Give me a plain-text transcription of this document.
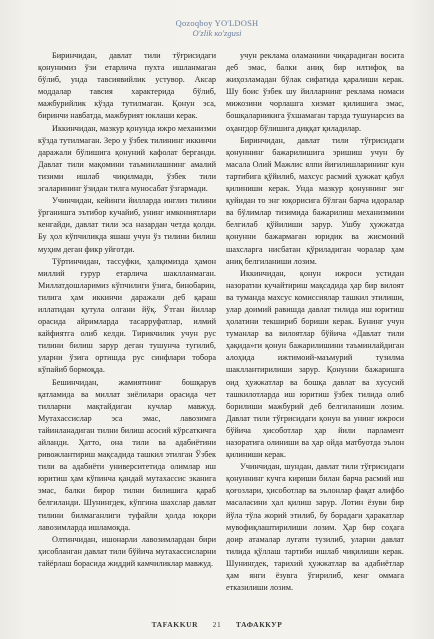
Qozoqboy YO'LDOSH
O'zlik ко'zgusi

Биринчидан, давлат тили тўғрисидаги қонунимиз ўзи етарлича пухта ишланмаган бўлиб, унда тавсиявийлик устувор. Аксар моддалар тавсия характерида бўлиб, мажбурийлик кўзда тутилмаган. Қонун эса, биринчи навбатда, мажбурият юклаши керак.

Иккинчидан, мазкур қонунда ижро механизми кўзда тутилмаган. Зеро у ўзбек тилининг иккинчи даражали бўлишига қонуний кафолат берганди. Давлат тили мақомини таъминлашнинг амалий тизими ишлаб чиқилмади, ўзбек тили эгаларининг ўзидан тилга муносабат ўзгармади.

Учинчидан, кейинги йилларда инглиз тилини ўрганишга эътибор кучайиб, унинг имкониятлари кенгайди, давлат тили эса назардан четда қолди. Бу ҳол кўпчиликда яшаш учун ўз тилини билиш муҳим деган фикр уйғотди.

Тўртинчидан, тассуфки, ҳалқимизда ҳамон миллий ғурур етарлича шаклланмаган. Миллатдошларимиз кўпчилиги ўзига, бинобарин, тилига ҳам иккинчи даражали деб қараш иллатидан қутула олгани йўқ. Ўтган йиллар орасида айримларда тасарруфатлар, илмий кайфиятга олиб келди. Тирикчилик учун рус тилини билиш зарур деган тушунча тугилиб, уларни ўзига ортишда рус синфлари тобора кўпайиб бормоқда.

Бешинчидан, жамиятнинг бошқарув қатламида ва миллат зиёлилари орасида чет тилларни мақтайдиган кучлар мавжуд. Мутахассислар эса эмас, лавозимга тайинланадиган тилни билиш асосий кўрсаткичга айланди. Ҳатто, она тили ва адабиётини ривожлантириш мақсадида ташкил этилган Ўзбек тили ва адабиёти университетида олимлар иш юритиш ҳам кўпинча қандай мутахассис эканига эмас, балки бирор тилни билишига қараб белгиланди. Шунингдек, кўпгина шахслар давлат тилини билмаганлиги туфайли ҳолда юқори лавозимларда ишламоқда.

Олтинчидан, ишонарли лавозимлардан бири ҳисобланган давлат тили бўйича мутахассисларни тайёрлаш борасида жиддий камчиликлар мавжуд.

учун реклама оламанини чиқарадиган восита деб эмас, балки аниқ бир илтифоқ ва жиҳозламадан бўлак сифатида қаралиши керак. Шу боис ўзбек шу йилларнинг реклама номаси мижозини чорлашга хизмат қилишига эмас, бошқаларникига ўхшамаган тарзда тушунарсиз ва оҳангдор бўлишига диққат қиладилар.

Биринчидан, давлат тили тўғрисидаги қонуннинг бажарилишига эришиш учун бу масала Олий Мажлис ялпи йиғилишларининг кун тартибига қўйилиб, махсус расмий ҳужжат қабул қилиниши керак. Унда мазкур қонуннинг энг қуйидан то энг юқорисига бўлган барча идоралар ва бўлимлар тизимида бажарилиш механизмини белгилаб қўйилиши зарур. Ушбу ҳужжатда қонунни бажармаган юридик ва жисмоний шахсларга нисбатан қўриладиган чоралар ҳам аниқ белгиланиши лозим.

Иккинчидан, қонун ижроси устидан назоратни кучайтириш мақсадида ҳар бир вилоят ва туманда махсус комиссиялар ташкил этилиши, улар доимий равишда давлат тилида иш юритиш ҳолатини текшириб бориши керак. Бунинг учун туманлар ва вилоятлар бўйича «Давлат тили ҳақида»ги қонун бажарилишини таъминлайдиган алоҳида ижтимоий-маъмурий тузилма шакллантирилиши зарур. Қонунни бажаришга оид ҳужжатлар ва бошқа давлат ва хусусий ташкилотларда иш юритиш ўзбек тилида олиб борилиши мажбурий деб белгиланиши лозим. Давлат тили тўғрисидаги қонун ва унинг ижроси бўйича ҳисоботлар ҳар йили парламент назоратига олиниши ва ҳар ойда матбуотда эълон қилиниши керак.

Учинчидан, шундан, давлат тили тўғрисидаги қонуннинг кучга кириши билан барча расмий иш қоғозлари, ҳисоботлар ва эълонлар фақат алифбо масаласини ҳал қилиш зарур. Лотин ёзуви бир йўла тўла жорий этилиб, бу борадаги ҳаракатлар мувофиқлаштирилиши лозим. Ҳар бир соҳага доир атамалар луғати тузилиб, уларни давлат тилида қўллаш тартиби ишлаб чиқилиши керак. Шунингдек, тарихий ҳужжатлар ва адабиётлар ҳам янги ёзувга ўгирилиб, кенг оммага етказилиши лозим.

TAFAKKUR 21 ТАФАККУР
